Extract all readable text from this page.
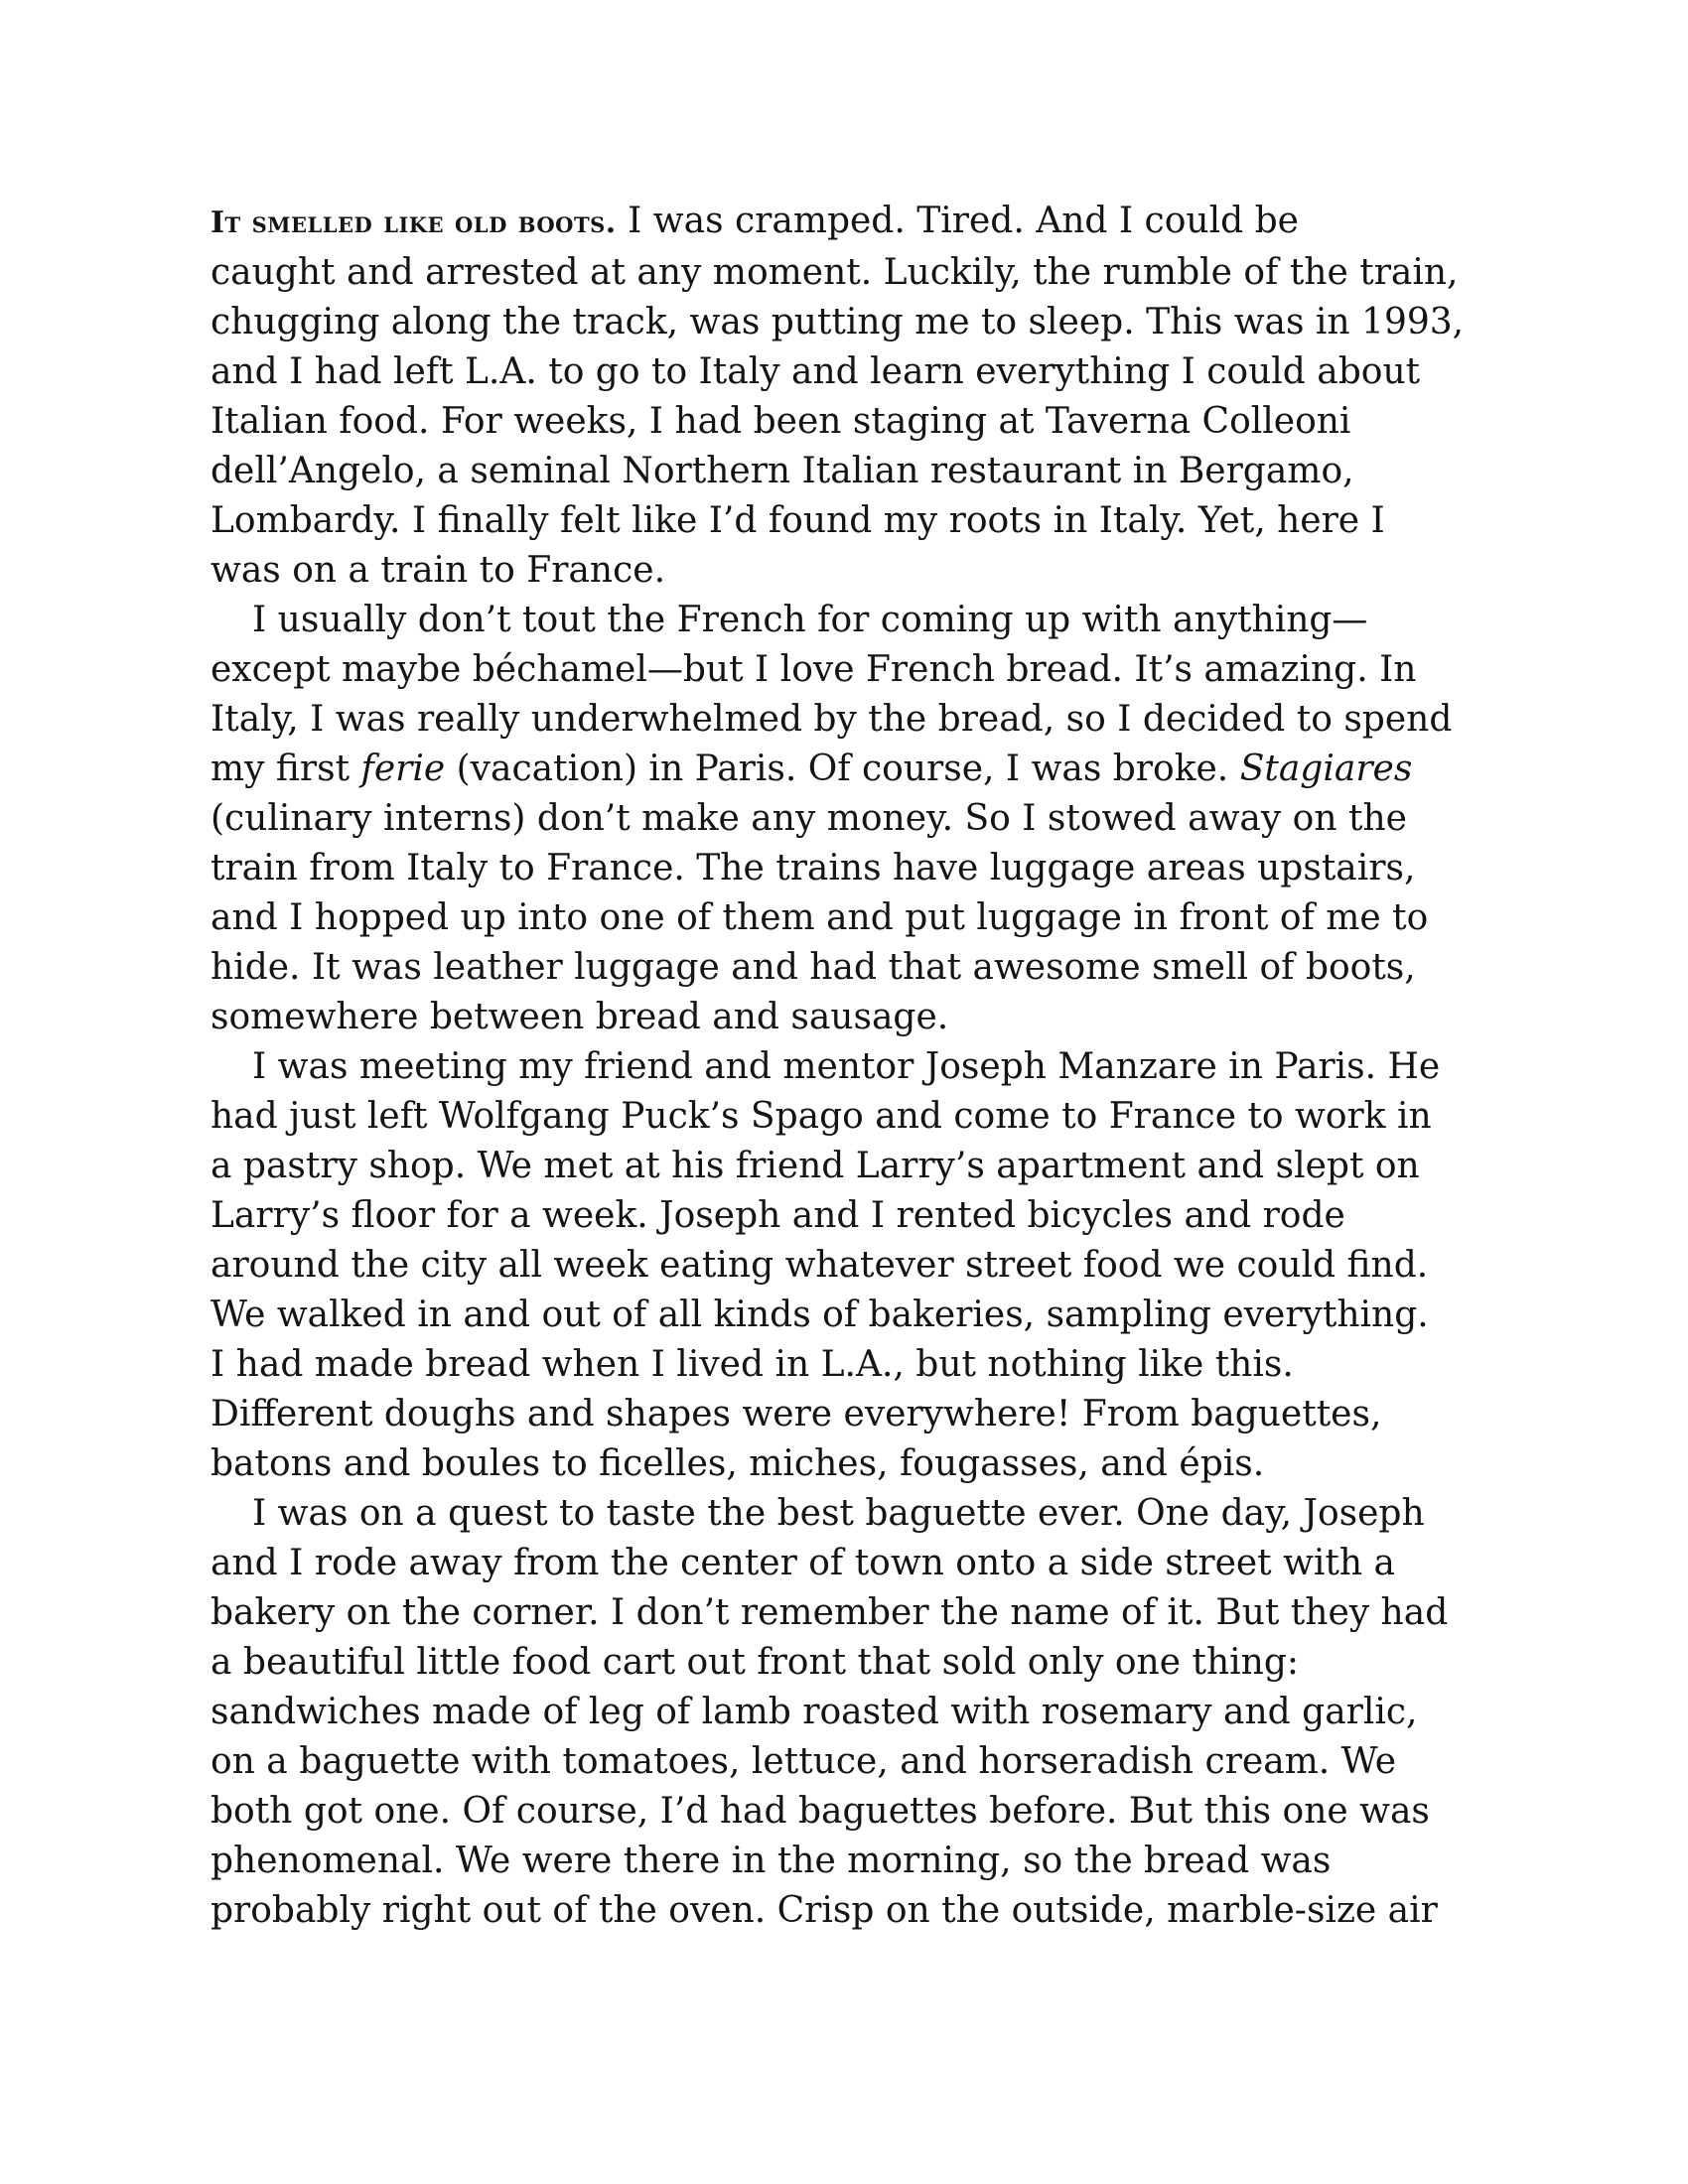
It smelled like old boots. I was cramped. Tired. And I could be
caught and arrested at any moment. Luckily, the rumble of the train,
chugging along the track, was putting me to sleep. This was in 1993,
and I had left L.A. to go to Italy and learn everything I could about
Italian food. For weeks, I had been staging at Taverna Colleoni
dell’Angelo, a seminal Northern Italian restaurant in Bergamo,
Lombardy. I finally felt like I’d found my roots in Italy. Yet, here I
was on a train to France.

I usually don’t tout the French for coming up with anything—
except maybe béchamel—but I love French bread. It’s amazing. In
Italy, I was really underwhelmed by the bread, so I decided to spend
my first ferie (vacation) in Paris. Of course, I was broke. Stagiares
(culinary interns) don’t make any money. So I stowed away on the
train from Italy to France. The trains have luggage areas upstairs,
and I hopped up into one of them and put luggage in front of me to
hide. It was leather luggage and had that awesome smell of boots,
somewhere between bread and sausage.

I was meeting my friend and mentor Joseph Manzare in Paris. He
had just left Wolfgang Puck’s Spago and come to France to work in
a pastry shop. We met at his friend Larry’s apartment and slept on
Larry’s floor for a week. Joseph and I rented bicycles and rode
around the city all week eating whatever street food we could find.
We walked in and out of all kinds of bakeries, sampling everything.
I had made bread when I lived in L.A., but nothing like this.
Different doughs and shapes were everywhere! From baguettes,
batons and boules to ficelles, miches, fougasses, and épis.

I was on a quest to taste the best baguette ever. One day, Joseph
and I rode away from the center of town onto a side street with a
bakery on the corner. I don’t remember the name of it. But they had
a beautiful little food cart out front that sold only one thing:
sandwiches made of leg of lamb roasted with rosemary and garlic,
on a baguette with tomatoes, lettuce, and horseradish cream. We
both got one. Of course, I’d had baguettes before. But this one was
phenomenal. We were there in the morning, so the bread was
probably right out of the oven. Crisp on the outside, marble-size air
